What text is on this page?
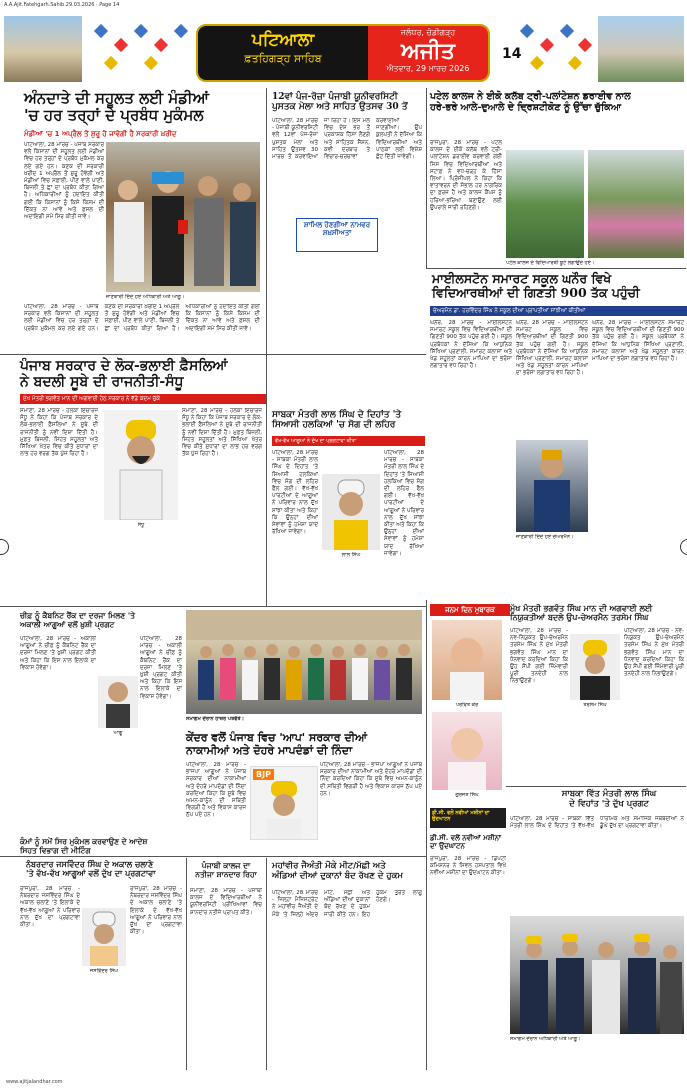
A.A.Ajit.Fatehgarh.Sahib.29.03.2026 · Page 14
ਪਟਿਆਲਾ
ਫ਼ਤਹਿਗੜ੍ਹ ਸਾਹਿਬ
ਜਲੰਧਰ, ਚੰਡੀਗੜ੍ਹ
ਅਜੀਤ
ਐਤਵਾਰ, 29 ਮਾਰਚ 2026
14
ਅੰਨਦਾਤੇ ਦੀ ਸਹੂਲਤ ਲਈ ਮੰਡੀਆਂ
'ਚ ਹਰ ਤਰ੍ਹਾਂ ਦੇ ਪ੍ਰਬੰਧ ਮੁਕੰਮਲ
ਮੰਡੀਆਂ 'ਚ 1 ਅਪ੍ਰੈਲ ਤੋਂ ਸ਼ੁਰੂ ਹੋ ਜਾਵੇਗੀ ਹੈ ਸਰਕਾਰੀ ਖ਼ਰੀਦ
ਪਟਿਆਲਾ, 28 ਮਾਰਚ - ਪੰਜਾਬ ਸਰਕਾਰ ਵਲੋਂ ਕਿਸਾਨਾਂ ਦੀ ਸਹੂਲਤ ਲਈ ਮੰਡੀਆਂ ਵਿਚ ਹਰ ਤਰ੍ਹਾਂ ਦੇ ਪ੍ਰਬੰਧ ਮੁਕੰਮਲ ਕਰ ਲਏ ਗਏ ਹਨ। ਕਣਕ ਦੀ ਸਰਕਾਰੀ ਖ਼ਰੀਦ 1 ਅਪ੍ਰੈਲ ਤੋਂ ਸ਼ੁਰੂ ਹੋਵੇਗੀ ਅਤੇ ਮੰਡੀਆਂ ਵਿਚ ਸਫ਼ਾਈ, ਪੀਣ ਵਾਲੇ ਪਾਣੀ, ਬਿਜਲੀ ਤੇ ਛਾਂ ਦਾ ਪ੍ਰਬੰਧ ਕੀਤਾ ਗਿਆ ਹੈ। ਅਧਿਕਾਰੀਆਂ ਨੂੰ ਹਦਾਇਤ ਕੀਤੀ ਗਈ ਕਿ ਕਿਸਾਨਾਂ ਨੂੰ ਕਿਸੇ ਕਿਸਮ ਦੀ ਦਿੱਕਤ ਨਾ ਆਵੇ ਅਤੇ ਫ਼ਸਲ ਦੀ ਅਦਾਇਗੀ ਸਮੇਂ ਸਿਰ ਕੀਤੀ ਜਾਵੇ।
ਜਾਣਕਾਰੀ ਦਿੰਦੇ ਹੋਏ ਅਧਿਕਾਰੀ ਅਤੇ ਆਗੂ।
ਪਟਿਆਲਾ, 28 ਮਾਰਚ - ਪੰਜਾਬ ਸਰਕਾਰ ਵਲੋਂ ਕਿਸਾਨਾਂ ਦੀ ਸਹੂਲਤ ਲਈ ਮੰਡੀਆਂ ਵਿਚ ਹਰ ਤਰ੍ਹਾਂ ਦੇ ਪ੍ਰਬੰਧ ਮੁਕੰਮਲ ਕਰ ਲਏ ਗਏ ਹਨ। ਕਣਕ ਦੀ ਸਰਕਾਰੀ ਖ਼ਰੀਦ 1 ਅਪ੍ਰੈਲ ਤੋਂ ਸ਼ੁਰੂ ਹੋਵੇਗੀ ਅਤੇ ਮੰਡੀਆਂ ਵਿਚ ਸਫ਼ਾਈ, ਪੀਣ ਵਾਲੇ ਪਾਣੀ, ਬਿਜਲੀ ਤੇ ਛਾਂ ਦਾ ਪ੍ਰਬੰਧ ਕੀਤਾ ਗਿਆ ਹੈ। ਅਧਿਕਾਰੀਆਂ ਨੂੰ ਹਦਾਇਤ ਕੀਤੀ ਗਈ ਕਿ ਕਿਸਾਨਾਂ ਨੂੰ ਕਿਸੇ ਕਿਸਮ ਦੀ ਦਿੱਕਤ ਨਾ ਆਵੇ ਅਤੇ ਫ਼ਸਲ ਦੀ ਅਦਾਇਗੀ ਸਮੇਂ ਸਿਰ ਕੀਤੀ ਜਾਵੇ।
12ਵਾਂ ਪੰਜ-ਰੋਜ਼ਾ ਪੰਜਾਬੀ ਯੂਨੀਵਰਸਿਟੀ
ਪੁਸਤਕ ਮੇਲਾ ਅਤੇ ਸਾਹਿਤ ਉਤਸਵ 30 ਤੋਂ
ਪਟਿਆਲਾ, 28 ਮਾਰਚ - ਪੰਜਾਬੀ ਯੂਨੀਵਰਸਿਟੀ ਵਲੋਂ 12ਵਾਂ ਪੰਜ-ਰੋਜ਼ਾ ਪੁਸਤਕ ਮੇਲਾ ਅਤੇ ਸਾਹਿਤ ਉਤਸਵ 30 ਮਾਰਚ ਤੋਂ ਕਰਵਾਇਆ ਜਾ ਰਿਹਾ ਹੈ। ਇਸ ਮੇਲੇ ਵਿਚ ਦੇਸ਼ ਭਰ ਤੋਂ ਪ੍ਰਕਾਸ਼ਕ ਹਿੱਸਾ ਲੈਣਗੇ ਅਤੇ ਸਾਹਿਤਕ ਸੈਸ਼ਨ, ਕਵੀ ਦਰਬਾਰ ਤੇ ਵਿਚਾਰ-ਚਰਚਾਵਾਂ ਕਰਵਾਈਆਂ ਜਾਣਗੀਆਂ। ਉਪ ਕੁਲਪਤੀ ਨੇ ਦੱਸਿਆ ਕਿ ਵਿਦਿਆਰਥੀਆਂ ਅਤੇ ਪਾਠਕਾਂ ਲਈ ਵਿਸ਼ੇਸ਼ ਛੋਟ ਦਿੱਤੀ ਜਾਵੇਗੀ।
ਸ਼ਾਮਿਲ ਹੋਣਗੀਆਂ ਨਾਮਵਰ ਸ਼ਖ਼ਸੀਅਤਾਂ
ਪਟੇਲ ਕਾਲਜ ਨੇ ਈਕੋ ਕਲੱਬ ਟ੍ਰੀ-ਪਲਾਂਟੇਸ਼ਨ ਡਰਾਈਵ ਨਾਲ
ਹਰੇ-ਭਰੇ ਆਲੇ-ਦੁਆਲੇ ਦੇ ਦ੍ਰਿਸ਼ਟੀਕੋਣ ਨੂੰ ਉੱਚਾ ਚੁੱਕਿਆ
ਰਾਜਪੁਰਾ, 28 ਮਾਰਚ - ਪਟੇਲ ਕਾਲਜ ਦੇ ਈਕੋ ਕਲੱਬ ਵਲੋਂ ਟ੍ਰੀ-ਪਲਾਂਟੇਸ਼ਨ ਡਰਾਈਵ ਕਰਵਾਈ ਗਈ ਜਿਸ ਵਿਚ ਵਿਦਿਆਰਥੀਆਂ ਅਤੇ ਸਟਾਫ਼ ਨੇ ਵਧ-ਚੜ੍ਹ ਕੇ ਹਿੱਸਾ ਲਿਆ। ਪ੍ਰਿੰਸੀਪਲ ਨੇ ਕਿਹਾ ਕਿ ਵਾਤਾਵਰਨ ਦੀ ਸੰਭਾਲ ਹਰ ਨਾਗਰਿਕ ਦਾ ਫ਼ਰਜ਼ ਹੈ ਅਤੇ ਕਾਲਜ ਕੈਂਪਸ ਨੂੰ ਹਰਿਆ-ਭਰਿਆ ਬਣਾਉਣ ਲਈ ਉਪਰਾਲੇ ਜਾਰੀ ਰਹਿਣਗੇ।
ਪਟੇਲ ਕਾਲਜ ਦੇ ਵਿਦਿਆਰਥੀ ਬੂਟੇ ਲਗਾਉਂਦੇ ਹੋਏ।
ਮਾਈਲਸਟੋਨ ਸਮਾਰਟ ਸਕੂਲ ਘਨੌਰ ਵਿਖੇ
ਵਿਦਿਆਰਥੀਆਂ ਦੀ ਗਿਣਤੀ 900 ਤੱਕ ਪਹੁੰਚੀ
ਚੇਅਰਮੈਨ ਡਾ. ਹਰਵਿੰਦਰ ਸਿੰਘ ਨੇ ਸਕੂਲ ਦੀਆਂ ਪ੍ਰਾਪਤੀਆਂ ਸਾਂਝੀਆਂ ਕੀਤੀਆਂ
ਘਨੌਰ, 28 ਮਾਰਚ - ਮਾਈਲਸਟੋਨ ਸਮਾਰਟ ਸਕੂਲ ਵਿਚ ਵਿਦਿਆਰਥੀਆਂ ਦੀ ਗਿਣਤੀ 900 ਤੱਕ ਪਹੁੰਚ ਗਈ ਹੈ। ਸਕੂਲ ਪ੍ਰਬੰਧਕਾਂ ਨੇ ਦੱਸਿਆ ਕਿ ਆਧੁਨਿਕ ਸਿੱਖਿਆ ਪ੍ਰਣਾਲੀ, ਸਮਾਰਟ ਕਲਾਸਾਂ ਅਤੇ ਖੇਡ ਸਹੂਲਤਾਂ ਕਾਰਨ ਮਾਪਿਆਂ ਦਾ ਭਰੋਸਾ ਲਗਾਤਾਰ ਵਧ ਰਿਹਾ ਹੈ।
ਜਾਣਕਾਰੀ ਦਿੰਦੇ ਹੋਏ ਚੇਅਰਮੈਨ।
ਘਨੌਰ, 28 ਮਾਰਚ - ਮਾਈਲਸਟੋਨ ਸਮਾਰਟ ਸਕੂਲ ਵਿਚ ਵਿਦਿਆਰਥੀਆਂ ਦੀ ਗਿਣਤੀ 900 ਤੱਕ ਪਹੁੰਚ ਗਈ ਹੈ। ਸਕੂਲ ਪ੍ਰਬੰਧਕਾਂ ਨੇ ਦੱਸਿਆ ਕਿ ਆਧੁਨਿਕ ਸਿੱਖਿਆ ਪ੍ਰਣਾਲੀ, ਸਮਾਰਟ ਕਲਾਸਾਂ ਅਤੇ ਖੇਡ ਸਹੂਲਤਾਂ ਕਾਰਨ ਮਾਪਿਆਂ ਦਾ ਭਰੋਸਾ ਲਗਾਤਾਰ ਵਧ ਰਿਹਾ ਹੈ।
ਘਨੌਰ, 28 ਮਾਰਚ - ਮਾਈਲਸਟੋਨ ਸਮਾਰਟ ਸਕੂਲ ਵਿਚ ਵਿਦਿਆਰਥੀਆਂ ਦੀ ਗਿਣਤੀ 900 ਤੱਕ ਪਹੁੰਚ ਗਈ ਹੈ। ਸਕੂਲ ਪ੍ਰਬੰਧਕਾਂ ਨੇ ਦੱਸਿਆ ਕਿ ਆਧੁਨਿਕ ਸਿੱਖਿਆ ਪ੍ਰਣਾਲੀ, ਸਮਾਰਟ ਕਲਾਸਾਂ ਅਤੇ ਖੇਡ ਸਹੂਲਤਾਂ ਕਾਰਨ ਮਾਪਿਆਂ ਦਾ ਭਰੋਸਾ ਲਗਾਤਾਰ ਵਧ ਰਿਹਾ ਹੈ।
ਪੰਜਾਬ ਸਰਕਾਰ ਦੇ ਲੋਕ-ਭਲਾਈ ਫ਼ੈਸਲਿਆਂ
ਨੇ ਬਦਲੀ ਸੂਬੇ ਦੀ ਰਾਜਨੀਤੀ-ਸੰਧੂ
ਮੁੱਖ ਮੰਤਰੀ ਭਗਵੰਤ ਮਾਨ ਦੀ ਅਗਵਾਈ ਹੇਠ ਸਰਕਾਰ ਨੇ ਵੱਡੇ ਕਦਮ ਚੁੱਕੇ
ਸਮਾਣਾ, 28 ਮਾਰਚ - ਹਲਕਾ ਇੰਚਾਰਜ ਸੰਧੂ ਨੇ ਕਿਹਾ ਕਿ ਪੰਜਾਬ ਸਰਕਾਰ ਦੇ ਲੋਕ-ਭਲਾਈ ਫ਼ੈਸਲਿਆਂ ਨੇ ਸੂਬੇ ਦੀ ਰਾਜਨੀਤੀ ਨੂੰ ਨਵੀਂ ਦਿਸ਼ਾ ਦਿੱਤੀ ਹੈ। ਮੁਫ਼ਤ ਬਿਜਲੀ, ਸਿਹਤ ਸਹੂਲਤਾਂ ਅਤੇ ਸਿੱਖਿਆ ਖੇਤਰ ਵਿਚ ਕੀਤੇ ਸੁਧਾਰਾਂ ਦਾ ਲਾਭ ਹਰ ਵਰਗ ਤੱਕ ਪੁੱਜ ਰਿਹਾ ਹੈ।
ਸੰਧੂ
ਸਮਾਣਾ, 28 ਮਾਰਚ - ਹਲਕਾ ਇੰਚਾਰਜ ਸੰਧੂ ਨੇ ਕਿਹਾ ਕਿ ਪੰਜਾਬ ਸਰਕਾਰ ਦੇ ਲੋਕ-ਭਲਾਈ ਫ਼ੈਸਲਿਆਂ ਨੇ ਸੂਬੇ ਦੀ ਰਾਜਨੀਤੀ ਨੂੰ ਨਵੀਂ ਦਿਸ਼ਾ ਦਿੱਤੀ ਹੈ। ਮੁਫ਼ਤ ਬਿਜਲੀ, ਸਿਹਤ ਸਹੂਲਤਾਂ ਅਤੇ ਸਿੱਖਿਆ ਖੇਤਰ ਵਿਚ ਕੀਤੇ ਸੁਧਾਰਾਂ ਦਾ ਲਾਭ ਹਰ ਵਰਗ ਤੱਕ ਪੁੱਜ ਰਿਹਾ ਹੈ।
ਸਾਬਕਾ ਮੰਤਰੀ ਲਾਲ ਸਿੰਘ ਦੇ ਦਿਹਾਂਤ 'ਤੇ
ਸਿਆਸੀ ਹਲਕਿਆਂ 'ਚ ਸੋਗ ਦੀ ਲਹਿਰ
ਵੱਖ-ਵੱਖ ਆਗੂਆਂ ਨੇ ਦੁੱਖ ਦਾ ਪ੍ਰਗਟਾਵਾ ਕੀਤਾ
ਪਟਿਆਲਾ, 28 ਮਾਰਚ - ਸਾਬਕਾ ਮੰਤਰੀ ਲਾਲ ਸਿੰਘ ਦੇ ਦਿਹਾਂਤ 'ਤੇ ਸਿਆਸੀ ਹਲਕਿਆਂ ਵਿਚ ਸੋਗ ਦੀ ਲਹਿਰ ਫੈਲ ਗਈ। ਵੱਖ-ਵੱਖ ਪਾਰਟੀਆਂ ਦੇ ਆਗੂਆਂ ਨੇ ਪਰਿਵਾਰ ਨਾਲ ਦੁੱਖ ਸਾਂਝਾ ਕੀਤਾ ਅਤੇ ਕਿਹਾ ਕਿ ਉਨ੍ਹਾਂ ਦੀਆਂ ਸੇਵਾਵਾਂ ਨੂੰ ਹਮੇਸ਼ਾ ਯਾਦ ਰੱਖਿਆ ਜਾਵੇਗਾ।
ਲਾਲ ਸਿੰਘ
ਪਟਿਆਲਾ, 28 ਮਾਰਚ - ਸਾਬਕਾ ਮੰਤਰੀ ਲਾਲ ਸਿੰਘ ਦੇ ਦਿਹਾਂਤ 'ਤੇ ਸਿਆਸੀ ਹਲਕਿਆਂ ਵਿਚ ਸੋਗ ਦੀ ਲਹਿਰ ਫੈਲ ਗਈ। ਵੱਖ-ਵੱਖ ਪਾਰਟੀਆਂ ਦੇ ਆਗੂਆਂ ਨੇ ਪਰਿਵਾਰ ਨਾਲ ਦੁੱਖ ਸਾਂਝਾ ਕੀਤਾ ਅਤੇ ਕਿਹਾ ਕਿ ਉਨ੍ਹਾਂ ਦੀਆਂ ਸੇਵਾਵਾਂ ਨੂੰ ਹਮੇਸ਼ਾ ਯਾਦ ਰੱਖਿਆ ਜਾਵੇਗਾ।
ਚੀਫ਼ ਨੂੰ ਕੈਬਨਿਟ ਰੈਂਕ ਦਾ ਦਰਜਾ ਮਿਲਣ 'ਤੇ
ਅਕਾਲੀ ਆਗੂਆਂ ਵਲੋਂ ਖ਼ੁਸ਼ੀ ਪ੍ਰਗਟ
ਪਟਿਆਲਾ, 28 ਮਾਰਚ - ਅਕਾਲੀ ਆਗੂਆਂ ਨੇ ਚੀਫ਼ ਨੂੰ ਕੈਬਨਿਟ ਰੈਂਕ ਦਾ ਦਰਜਾ ਮਿਲਣ 'ਤੇ ਖ਼ੁਸ਼ੀ ਪ੍ਰਗਟ ਕੀਤੀ ਅਤੇ ਕਿਹਾ ਕਿ ਇਸ ਨਾਲ ਇਲਾਕੇ ਦਾ ਵਿਕਾਸ ਹੋਵੇਗਾ।
ਆਗੂ
ਪਟਿਆਲਾ, 28 ਮਾਰਚ - ਅਕਾਲੀ ਆਗੂਆਂ ਨੇ ਚੀਫ਼ ਨੂੰ ਕੈਬਨਿਟ ਰੈਂਕ ਦਾ ਦਰਜਾ ਮਿਲਣ 'ਤੇ ਖ਼ੁਸ਼ੀ ਪ੍ਰਗਟ ਕੀਤੀ ਅਤੇ ਕਿਹਾ ਕਿ ਇਸ ਨਾਲ ਇਲਾਕੇ ਦਾ ਵਿਕਾਸ ਹੋਵੇਗਾ।
ਸਮਾਗਮ ਦੌਰਾਨ ਹਾਜ਼ਰ ਪਤਵੰਤੇ।
ਕੇਂਦਰ ਵਲੋਂ ਪੰਜਾਬ ਵਿਚ 'ਆਪ' ਸਰਕਾਰ ਦੀਆਂ
ਨਾਕਾਮੀਆਂ ਅਤੇ ਦੋਹਰੇ ਮਾਪਦੰਡਾਂ ਦੀ ਨਿੰਦਾ
ਪਟਿਆਲਾ, 28 ਮਾਰਚ - ਭਾਜਪਾ ਆਗੂਆਂ ਨੇ ਪੰਜਾਬ ਸਰਕਾਰ ਦੀਆਂ ਨਾਕਾਮੀਆਂ ਅਤੇ ਦੋਹਰੇ ਮਾਪਦੰਡਾਂ ਦੀ ਨਿੰਦਾ ਕਰਦਿਆਂ ਕਿਹਾ ਕਿ ਸੂਬੇ ਵਿਚ ਅਮਨ-ਕਾਨੂੰਨ ਦੀ ਸਥਿਤੀ ਵਿਗੜੀ ਹੈ ਅਤੇ ਵਿਕਾਸ ਕਾਰਜ ਠੱਪ ਪਏ ਹਨ।
BJP
ਪਟਿਆਲਾ, 28 ਮਾਰਚ - ਭਾਜਪਾ ਆਗੂਆਂ ਨੇ ਪੰਜਾਬ ਸਰਕਾਰ ਦੀਆਂ ਨਾਕਾਮੀਆਂ ਅਤੇ ਦੋਹਰੇ ਮਾਪਦੰਡਾਂ ਦੀ ਨਿੰਦਾ ਕਰਦਿਆਂ ਕਿਹਾ ਕਿ ਸੂਬੇ ਵਿਚ ਅਮਨ-ਕਾਨੂੰਨ ਦੀ ਸਥਿਤੀ ਵਿਗੜੀ ਹੈ ਅਤੇ ਵਿਕਾਸ ਕਾਰਜ ਠੱਪ ਪਏ ਹਨ।
ਜਨਮ ਦਿਨ ਮੁਬਾਰਕ
ਪਰਵਿਤ ਕੌਰ
ਗੁਰਜੋਤ ਸਿੰਘ
ਮੁੱਖ ਮੰਤਰੀ ਭਗਵੰਤ ਸਿੰਘ ਮਾਨ ਦੀ ਅਗਵਾਈ ਲਈ
ਨਿਯੁਕਤੀਆਂ ਬਦਲੇ ਉਪ-ਚੇਅਰਮੈਨ ਤਰਸੇਮ ਸਿੰਘ
ਪਟਿਆਲਾ, 28 ਮਾਰਚ - ਨਵ-ਨਿਯੁਕਤ ਉਪ-ਚੇਅਰਮੈਨ ਤਰਸੇਮ ਸਿੰਘ ਨੇ ਮੁੱਖ ਮੰਤਰੀ ਭਗਵੰਤ ਸਿੰਘ ਮਾਨ ਦਾ ਧੰਨਵਾਦ ਕਰਦਿਆਂ ਕਿਹਾ ਕਿ ਉਹ ਸੌਂਪੀ ਗਈ ਜ਼ਿੰਮੇਵਾਰੀ ਪੂਰੀ ਤਨਦੇਹੀ ਨਾਲ ਨਿਭਾਉਣਗੇ।
ਤਰਸੇਮ ਸਿੰਘ
ਪਟਿਆਲਾ, 28 ਮਾਰਚ - ਨਵ-ਨਿਯੁਕਤ ਉਪ-ਚੇਅਰਮੈਨ ਤਰਸੇਮ ਸਿੰਘ ਨੇ ਮੁੱਖ ਮੰਤਰੀ ਭਗਵੰਤ ਸਿੰਘ ਮਾਨ ਦਾ ਧੰਨਵਾਦ ਕਰਦਿਆਂ ਕਿਹਾ ਕਿ ਉਹ ਸੌਂਪੀ ਗਈ ਜ਼ਿੰਮੇਵਾਰੀ ਪੂਰੀ ਤਨਦੇਹੀ ਨਾਲ ਨਿਭਾਉਣਗੇ।
ਸਾਬਕਾ ਵਿੱਤ ਮੰਤਰੀ ਲਾਲ ਸਿੰਘ
ਦੇ ਵਿਹਾਂਤ 'ਤੇ ਦੁੱਖ ਪ੍ਰਗਟ
ਪਟਿਆਲਾ, 28 ਮਾਰਚ - ਸਾਬਕਾ ਵਿੱਤ ਮੰਤਰੀ ਲਾਲ ਸਿੰਘ ਦੇ ਦਿਹਾਂਤ 'ਤੇ ਵੱਖ-ਵੱਖ ਧਾਰਮਿਕ ਅਤੇ ਸਮਾਜਿਕ ਜਥੇਬੰਦੀਆਂ ਨੇ ਡੂੰਘੇ ਦੁੱਖ ਦਾ ਪ੍ਰਗਟਾਵਾ ਕੀਤਾ।
ਸਮਾਗਮ ਦੌਰਾਨ ਅਧਿਕਾਰੀ ਅਤੇ ਆਗੂ।
ਡੀ.ਸੀ. ਵਲੋਂ ਨਵੀਆਂ ਮਸ਼ੀਨਾਂ ਦਾ ਉਦਘਾਟਨ
ਡੀ.ਸੀ. ਵਲੋਂ ਨਵੀਆਂ ਮਸ਼ੀਨਾਂ ਦਾ ਉਦਘਾਟਨ
ਰਾਜਪੁਰਾ, 28 ਮਾਰਚ - ਡਿਪਟੀ ਕਮਿਸ਼ਨਰ ਨੇ ਸਿਵਲ ਹਸਪਤਾਲ ਵਿਖੇ ਨਵੀਆਂ ਮਸ਼ੀਨਾਂ ਦਾ ਉਦਘਾਟਨ ਕੀਤਾ।
ਕੰਮਾਂ ਨੂੰ ਸਮੇਂ ਸਿਰ ਮੁਕੰਮਲ ਕਰਵਾਉਣ ਦੇ ਆਦੇਸ਼
ਸਿਹਤ ਵਿਭਾਗ ਦੀ ਮੀਟਿੰਗ
ਨੰਬਰਦਾਰ ਜਸਵਿੰਦਰ ਸਿੰਘ ਦੇ ਅਕਾਲ ਚਲਾਣੇ
'ਤੇ ਵੱਖ-ਵੱਖ ਆਗੂਆਂ ਵਲੋਂ ਦੁੱਖ ਦਾ ਪ੍ਰਗਟਾਵਾ
ਰਾਜਪੁਰਾ, 28 ਮਾਰਚ - ਨੰਬਰਦਾਰ ਜਸਵਿੰਦਰ ਸਿੰਘ ਦੇ ਅਕਾਲ ਚਲਾਣੇ 'ਤੇ ਇਲਾਕੇ ਦੇ ਵੱਖ-ਵੱਖ ਆਗੂਆਂ ਨੇ ਪਰਿਵਾਰ ਨਾਲ ਦੁੱਖ ਦਾ ਪ੍ਰਗਟਾਵਾ ਕੀਤਾ।
ਜਸਵਿੰਦਰ ਸਿੰਘ
ਰਾਜਪੁਰਾ, 28 ਮਾਰਚ - ਨੰਬਰਦਾਰ ਜਸਵਿੰਦਰ ਸਿੰਘ ਦੇ ਅਕਾਲ ਚਲਾਣੇ 'ਤੇ ਇਲਾਕੇ ਦੇ ਵੱਖ-ਵੱਖ ਆਗੂਆਂ ਨੇ ਪਰਿਵਾਰ ਨਾਲ ਦੁੱਖ ਦਾ ਪ੍ਰਗਟਾਵਾ ਕੀਤਾ।
ਪੰਜਾਬੀ ਕਾਲਜ ਦਾ
ਨਤੀਜਾ ਸ਼ਾਨਦਾਰ ਰਿਹਾ
ਸਮਾਣਾ, 28 ਮਾਰਚ - ਪੰਜਾਬੀ ਕਾਲਜ ਦੇ ਵਿਦਿਆਰਥੀਆਂ ਨੇ ਯੂਨੀਵਰਸਿਟੀ ਪ੍ਰੀਖਿਆਵਾਂ ਵਿਚ ਸ਼ਾਨਦਾਰ ਨਤੀਜੇ ਪ੍ਰਾਪਤ ਕੀਤੇ।
ਮਹਾਂਵੀਰ ਜੈਅੰਤੀ ਮੌਕੇ ਮੀਟ/ਮੱਛੀ ਅਤੇ
ਅੰਡਿਆਂ ਦੀਆਂ ਦੁਕਾਨਾਂ ਬੰਦ ਰੱਖਣ ਦੇ ਹੁਕਮ
ਪਟਿਆਲਾ, 28 ਮਾਰਚ - ਜ਼ਿਲ੍ਹਾ ਮੈਜਿਸਟ੍ਰੇਟ ਨੇ ਮਹਾਂਵੀਰ ਜੈਅੰਤੀ ਦੇ ਮੌਕੇ 'ਤੇ ਜ਼ਿਲ੍ਹੇ ਅੰਦਰ ਮੀਟ, ਮੱਛੀ ਅਤੇ ਅੰਡਿਆਂ ਦੀਆਂ ਦੁਕਾਨਾਂ ਬੰਦ ਰੱਖਣ ਦੇ ਹੁਕਮ ਜਾਰੀ ਕੀਤੇ ਹਨ। ਇਹ ਹੁਕਮ ਤੁਰੰਤ ਲਾਗੂ ਹੋਣਗੇ।
www.ajitjalandhar.com
